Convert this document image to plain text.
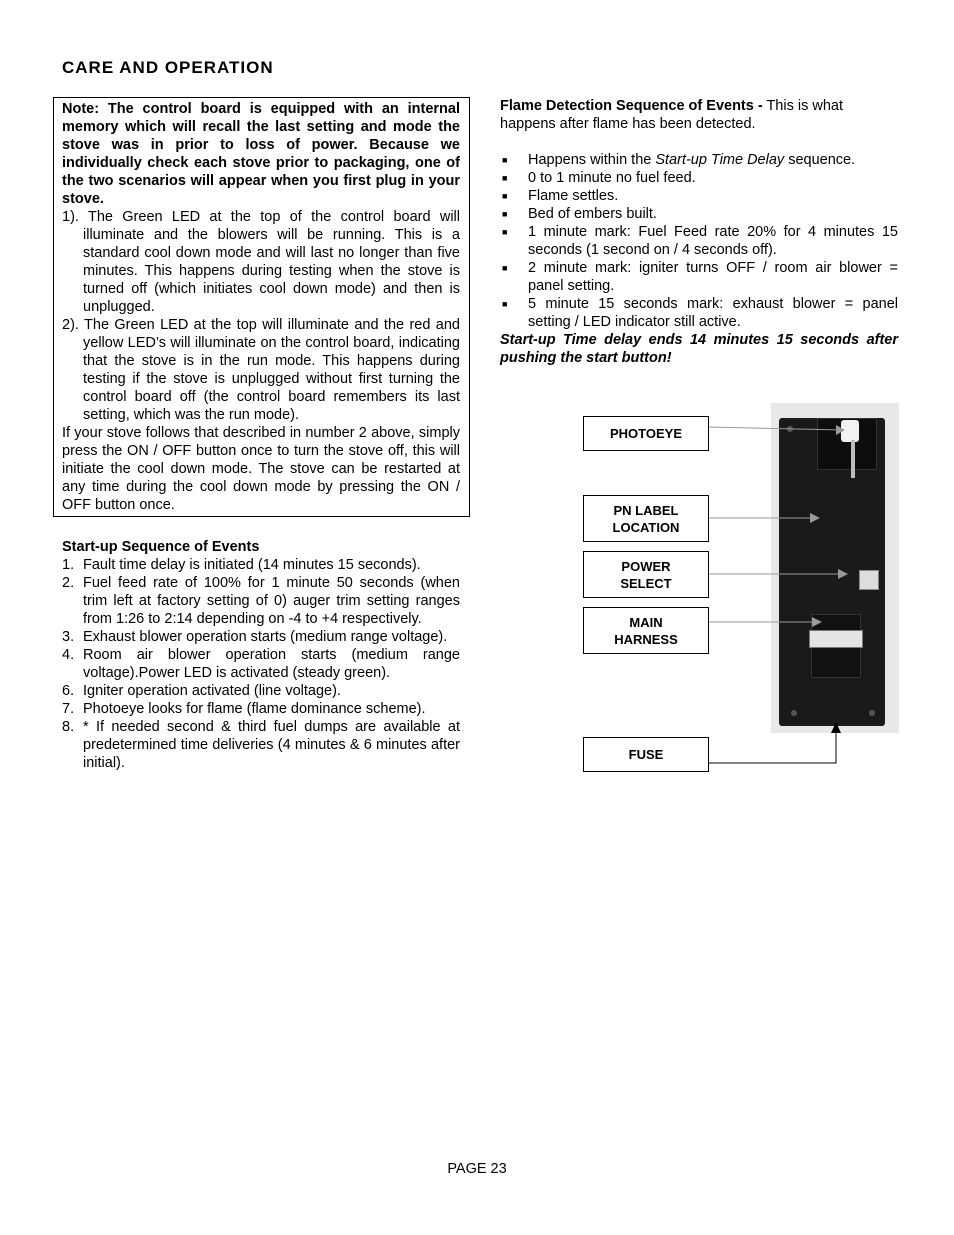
CARE AND OPERATION
Note: The control board is equipped with an internal memory which will recall the last setting and mode the stove was in prior to loss of power. Because we individually check each stove prior to packaging, one of the two scenarios will appear when you first plug in your stove.
1). The Green LED at the top of the control board will illuminate and the blowers will be running. This is a standard cool down mode and will last no longer than five minutes. This happens during testing when the stove is turned off (which initiates cool down mode) and then is unplugged.
2). The Green LED at the top will illuminate and the red and yellow LED’s will illuminate on the control board, indicating that the stove is in the run mode. This happens during testing if the stove is unplugged without first turning the control board off (the control board remembers its last setting, which was the run mode).
If your stove follows that described in number 2 above, simply press the ON / OFF button once to turn the stove off, this will initiate the cool down mode. The stove can be restarted at any time during the cool down mode by pressing the ON / OFF button once.
Start-up Sequence of Events
1. Fault time delay is initiated (14 minutes 15 seconds).
2. Fuel feed rate of 100% for 1 minute 50 seconds (when trim left at factory setting of 0) auger trim setting ranges from 1:26 to 2:14 depending on -4 to +4 respectively.
3. Exhaust blower operation starts (medium range voltage).
4. Room air blower operation starts (medium range voltage).Power LED is activated (steady green).
6. Igniter operation activated (line voltage).
7. Photoeye looks for flame (flame dominance scheme).
8. * If needed second & third fuel dumps are available at predetermined time deliveries (4 minutes & 6 minutes after initial).
Flame Detection Sequence of Events - This is what happens after flame has been detected.
■	Happens within the Start-up Time Delay sequence.
■	0 to 1 minute no fuel feed.
■	Flame settles.
■	Bed of embers built.
■	1 minute mark: Fuel Feed rate 20% for 4 minutes 15 seconds (1 second on / 4 seconds off).
■	2 minute mark: igniter turns OFF / room air blower = panel setting.
■	5 minute 15 seconds mark: exhaust blower = panel setting / LED indicator still active.
Start-up Time delay ends 14 minutes 15 seconds after pushing the start button!
PHOTOEYE
PN LABEL
LOCATION
POWER
SELECT
MAIN
HARNESS
FUSE
PAGE 23
